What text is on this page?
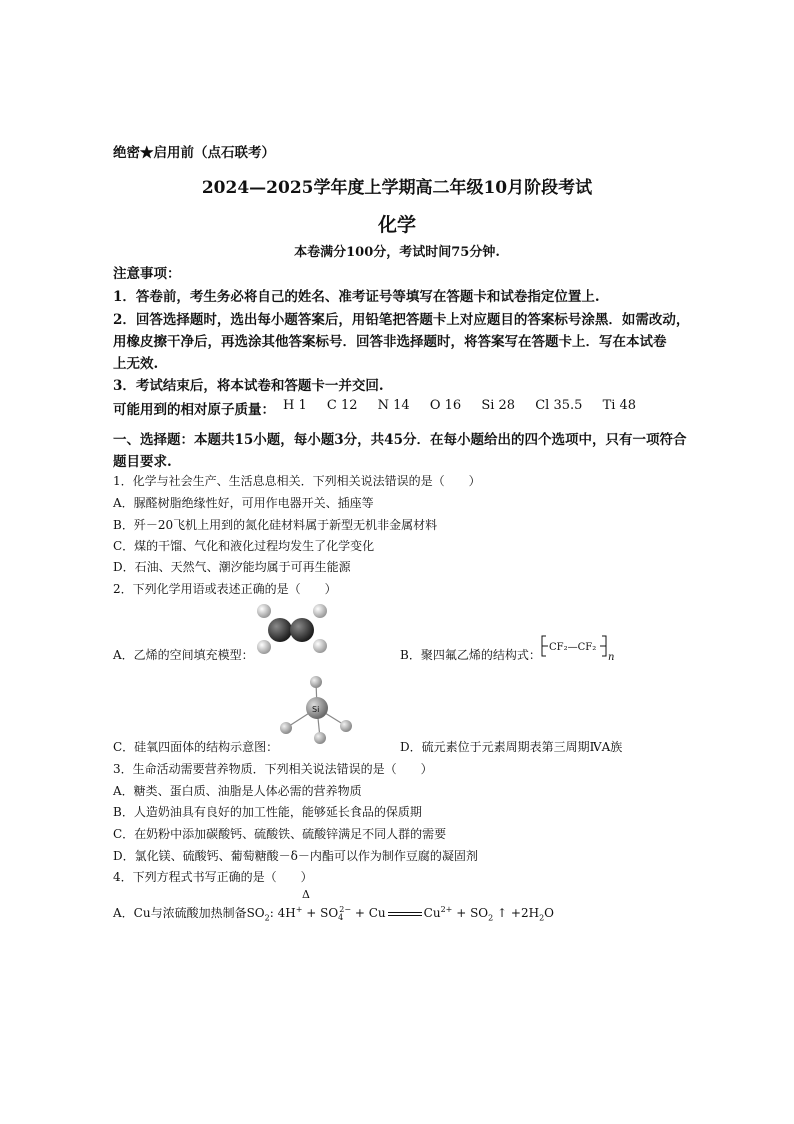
绝密★启用前（点石联考）
2024—2025学年度上学期高二年级10月阶段考试
化学
本卷满分100分，考试时间75分钟.
注意事项：
1．答卷前，考生务必将自己的姓名、准考证号等填写在答题卡和试卷指定位置上.
2．回答选择题时，选出每小题答案后，用铅笔把答题卡上对应题目的答案标号涂黑．如需改动，
用橡皮擦干净后，再选涂其他答案标号．回答非选择题时，将答案写在答题卡上．写在本试卷
上无效.
3．考试结束后，将本试卷和答题卡一并交回.
可能用到的相对原子质量： H 1 C 12 N 14 O 16 Si 28 Cl 35.5 Ti 48
一、选择题：本题共15小题，每小题3分，共45分．在每小题给出的四个选项中，只有一项符合
题目要求.
1．化学与社会生产、生活息息相关．下列相关说法错误的是（　　）
A．脲醛树脂绝缘性好，可用作电器开关、插座等
B．歼－20飞机上用到的氮化硅材料属于新型无机非金属材料
C．煤的干馏、气化和液化过程均发生了化学变化
D．石油、天然气、潮汐能均属于可再生能源
2．下列化学用语或表述正确的是（　　）
A．乙烯的空间填充模型：	B．聚四氟乙烯的结构式：
CF₂—CF₂
n
Si
C．硅氧四面体的结构示意图：	D．硫元素位于元素周期表第三周期ⅣA族
3．生命活动需要营养物质．下列相关说法错误的是（　　）
A．糖类、蛋白质、油脂是人体必需的营养物质
B．人造奶油具有良好的加工性能，能够延长食品的保质期
C．在奶粉中添加碳酸钙、硫酸铁、硫酸锌满足不同人群的需要
D．氯化镁、硫酸钙、葡萄糖酸－δ－内酯可以作为制作豆腐的凝固剂
4．下列方程式书写正确的是（　　）
Δ
A．Cu与浓硫酸加热制备$SO_2$: $4H^+ + SO_4^{2-} + Cu$	$Cu^{2+} + SO_2$ ↑ $+2H_2O$
